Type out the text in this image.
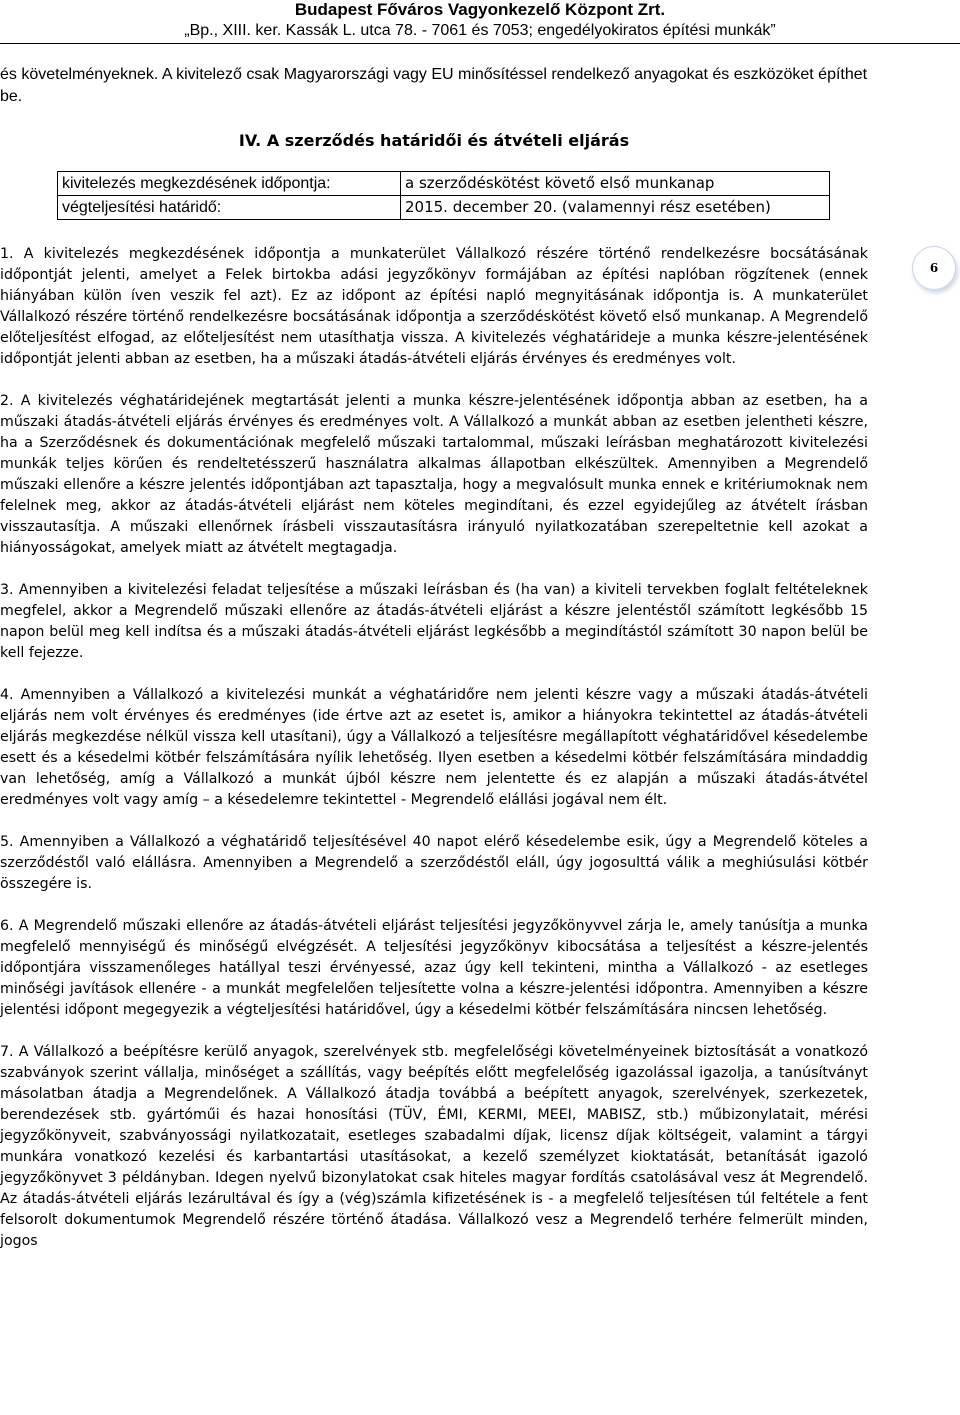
Budapest Főváros Vagyonkezelő Központ Zrt.
„Bp., XIII. ker. Kassák L. utca 78. - 7061 és 7053; engedélyokiratos építési munkák”
és követelményeknek. A kivitelező csak Magyarországi vagy EU minősítéssel rendelkező anyagokat és eszközöket építhet be.
IV. A szerződés határidői és átvételi eljárás
kivitelezés megkezdésének időpontja:	a szerződéskötést követő első munkanap
végteljesítési határidő:	2015. december 20. (valamennyi rész esetében)

1. A kivitelezés megkezdésének időpontja a munkaterület Vállalkozó részére történő rendelkezésre bocsátásának időpontját jelenti, amelyet a Felek birtokba adási jegyzőkönyv formájában az építési naplóban rögzítenek (ennek hiányában külön íven veszik fel azt). Ez az időpont az építési napló megnyitásának időpontja is. A munkaterület Vállalkozó részére történő rendelkezésre bocsátásának időpontja a szerződéskötést követő első munkanap. A Megrendelő előteljesítést elfogad, az előteljesítést nem utasíthatja vissza. A kivitelezés véghatárideje a munka készre-jelentésének időpontját jelenti abban az esetben, ha a műszaki átadás-átvételi eljárás érvényes és eredményes volt.

2. A kivitelezés véghatáridejének megtartását jelenti a munka készre-jelentésének időpontja abban az esetben, ha a műszaki átadás-átvételi eljárás érvényes és eredményes volt. A Vállalkozó a munkát abban az esetben jelentheti készre, ha a Szerződésnek és dokumentációnak megfelelő műszaki tartalommal, műszaki leírásban meghatározott kivitelezési munkák teljes körűen és rendeltetésszerű használatra alkalmas állapotban elkészültek. Amennyiben a Megrendelő műszaki ellenőre a készre jelentés időpontjában azt tapasztalja, hogy a megvalósult munka ennek e kritériumoknak nem felelnek meg, akkor az átadás-átvételi eljárást nem köteles megindítani, és ezzel egyidejűleg az átvételt írásban visszautasítja. A műszaki ellenőrnek írásbeli visszautasításra irányuló nyilatkozatában szerepeltetnie kell azokat a hiányosságokat, amelyek miatt az átvételt megtagadja.

3. Amennyiben a kivitelezési feladat teljesítése a műszaki leírásban és (ha van) a kiviteli tervekben foglalt feltételeknek megfelel, akkor a Megrendelő műszaki ellenőre az átadás-átvételi eljárást a készre jelentéstől számított legkésőbb 15 napon belül meg kell indítsa és a műszaki átadás-átvételi eljárást legkésőbb a megindítástól számított 30 napon belül be kell fejezze.

4. Amennyiben a Vállalkozó a kivitelezési munkát a véghatáridőre nem jelenti készre vagy a műszaki átadás-átvételi eljárás nem volt érvényes és eredményes (ide értve azt az esetet is, amikor a hiányokra tekintettel az átadás-átvételi eljárás megkezdése nélkül vissza kell utasítani), úgy a Vállalkozó a teljesítésre megállapított véghatáridővel késedelembe esett és a késedelmi kötbér felszámítására nyílik lehetőség. Ilyen esetben a késedelmi kötbér felszámítására mindaddig van lehetőség, amíg a Vállalkozó a munkát újból készre nem jelentette és ez alapján a műszaki átadás-átvétel eredményes volt vagy amíg – a késedelemre tekintettel - Megrendelő elállási jogával nem élt.

5. Amennyiben a Vállalkozó a véghatáridő teljesítésével 40 napot elérő késedelembe esik, úgy a Megrendelő köteles a szerződéstől való elállásra. Amennyiben a Megrendelő a szerződéstől eláll, úgy jogosulttá válik a meghiúsulási kötbér összegére is.

6. A Megrendelő műszaki ellenőre az átadás-átvételi eljárást teljesítési jegyzőkönyvvel zárja le, amely tanúsítja a munka megfelelő mennyiségű és minőségű elvégzését. A teljesítési jegyzőkönyv kibocsátása a teljesítést a készre-jelentés időpontjára visszamenőleges hatállyal teszi érvényessé, azaz úgy kell tekinteni, mintha a Vállalkozó - az esetleges minőségi javítások ellenére - a munkát megfelelően teljesítette volna a készre-jelentési időpontra. Amennyiben a készre jelentési időpont megegyezik a végteljesítési határidővel, úgy a késedelmi kötbér felszámítására nincsen lehetőség.

7. A Vállalkozó a beépítésre kerülő anyagok, szerelvények stb. megfelelőségi követelményeinek biztosítását a vonatkozó szabványok szerint vállalja, minőséget a szállítás, vagy beépítés előtt megfelelőség igazolással igazolja, a tanúsítványt másolatban átadja a Megrendelőnek. A Vállalkozó átadja továbbá a beépített anyagok, szerelvények, szerkezetek, berendezések stb. gyártóműi és hazai honosítási (TÜV, ÉMI, KERMI, MEEI, MABISZ, stb.) műbizonylatait, mérési jegyzőkönyveit, szabványossági nyilatkozatait, esetleges szabadalmi díjak, licensz díjak költségeit, valamint a tárgyi munkára vonatkozó kezelési és karbantartási utasításokat, a kezelő személyzet kioktatását, betanítását igazoló jegyzőkönyvet 3 példányban. Idegen nyelvű bizonylatokat csak hiteles magyar fordítás csatolásával vesz át Megrendelő. Az átadás-átvételi eljárás lezárultával és így a (vég)számla kifizetésének is - a megfelelő teljesítésen túl feltétele a fent felsorolt dokumentumok Megrendelő részére történő átadása. Vállalkozó vesz a Megrendelő terhére felmerült minden, jogos

6
